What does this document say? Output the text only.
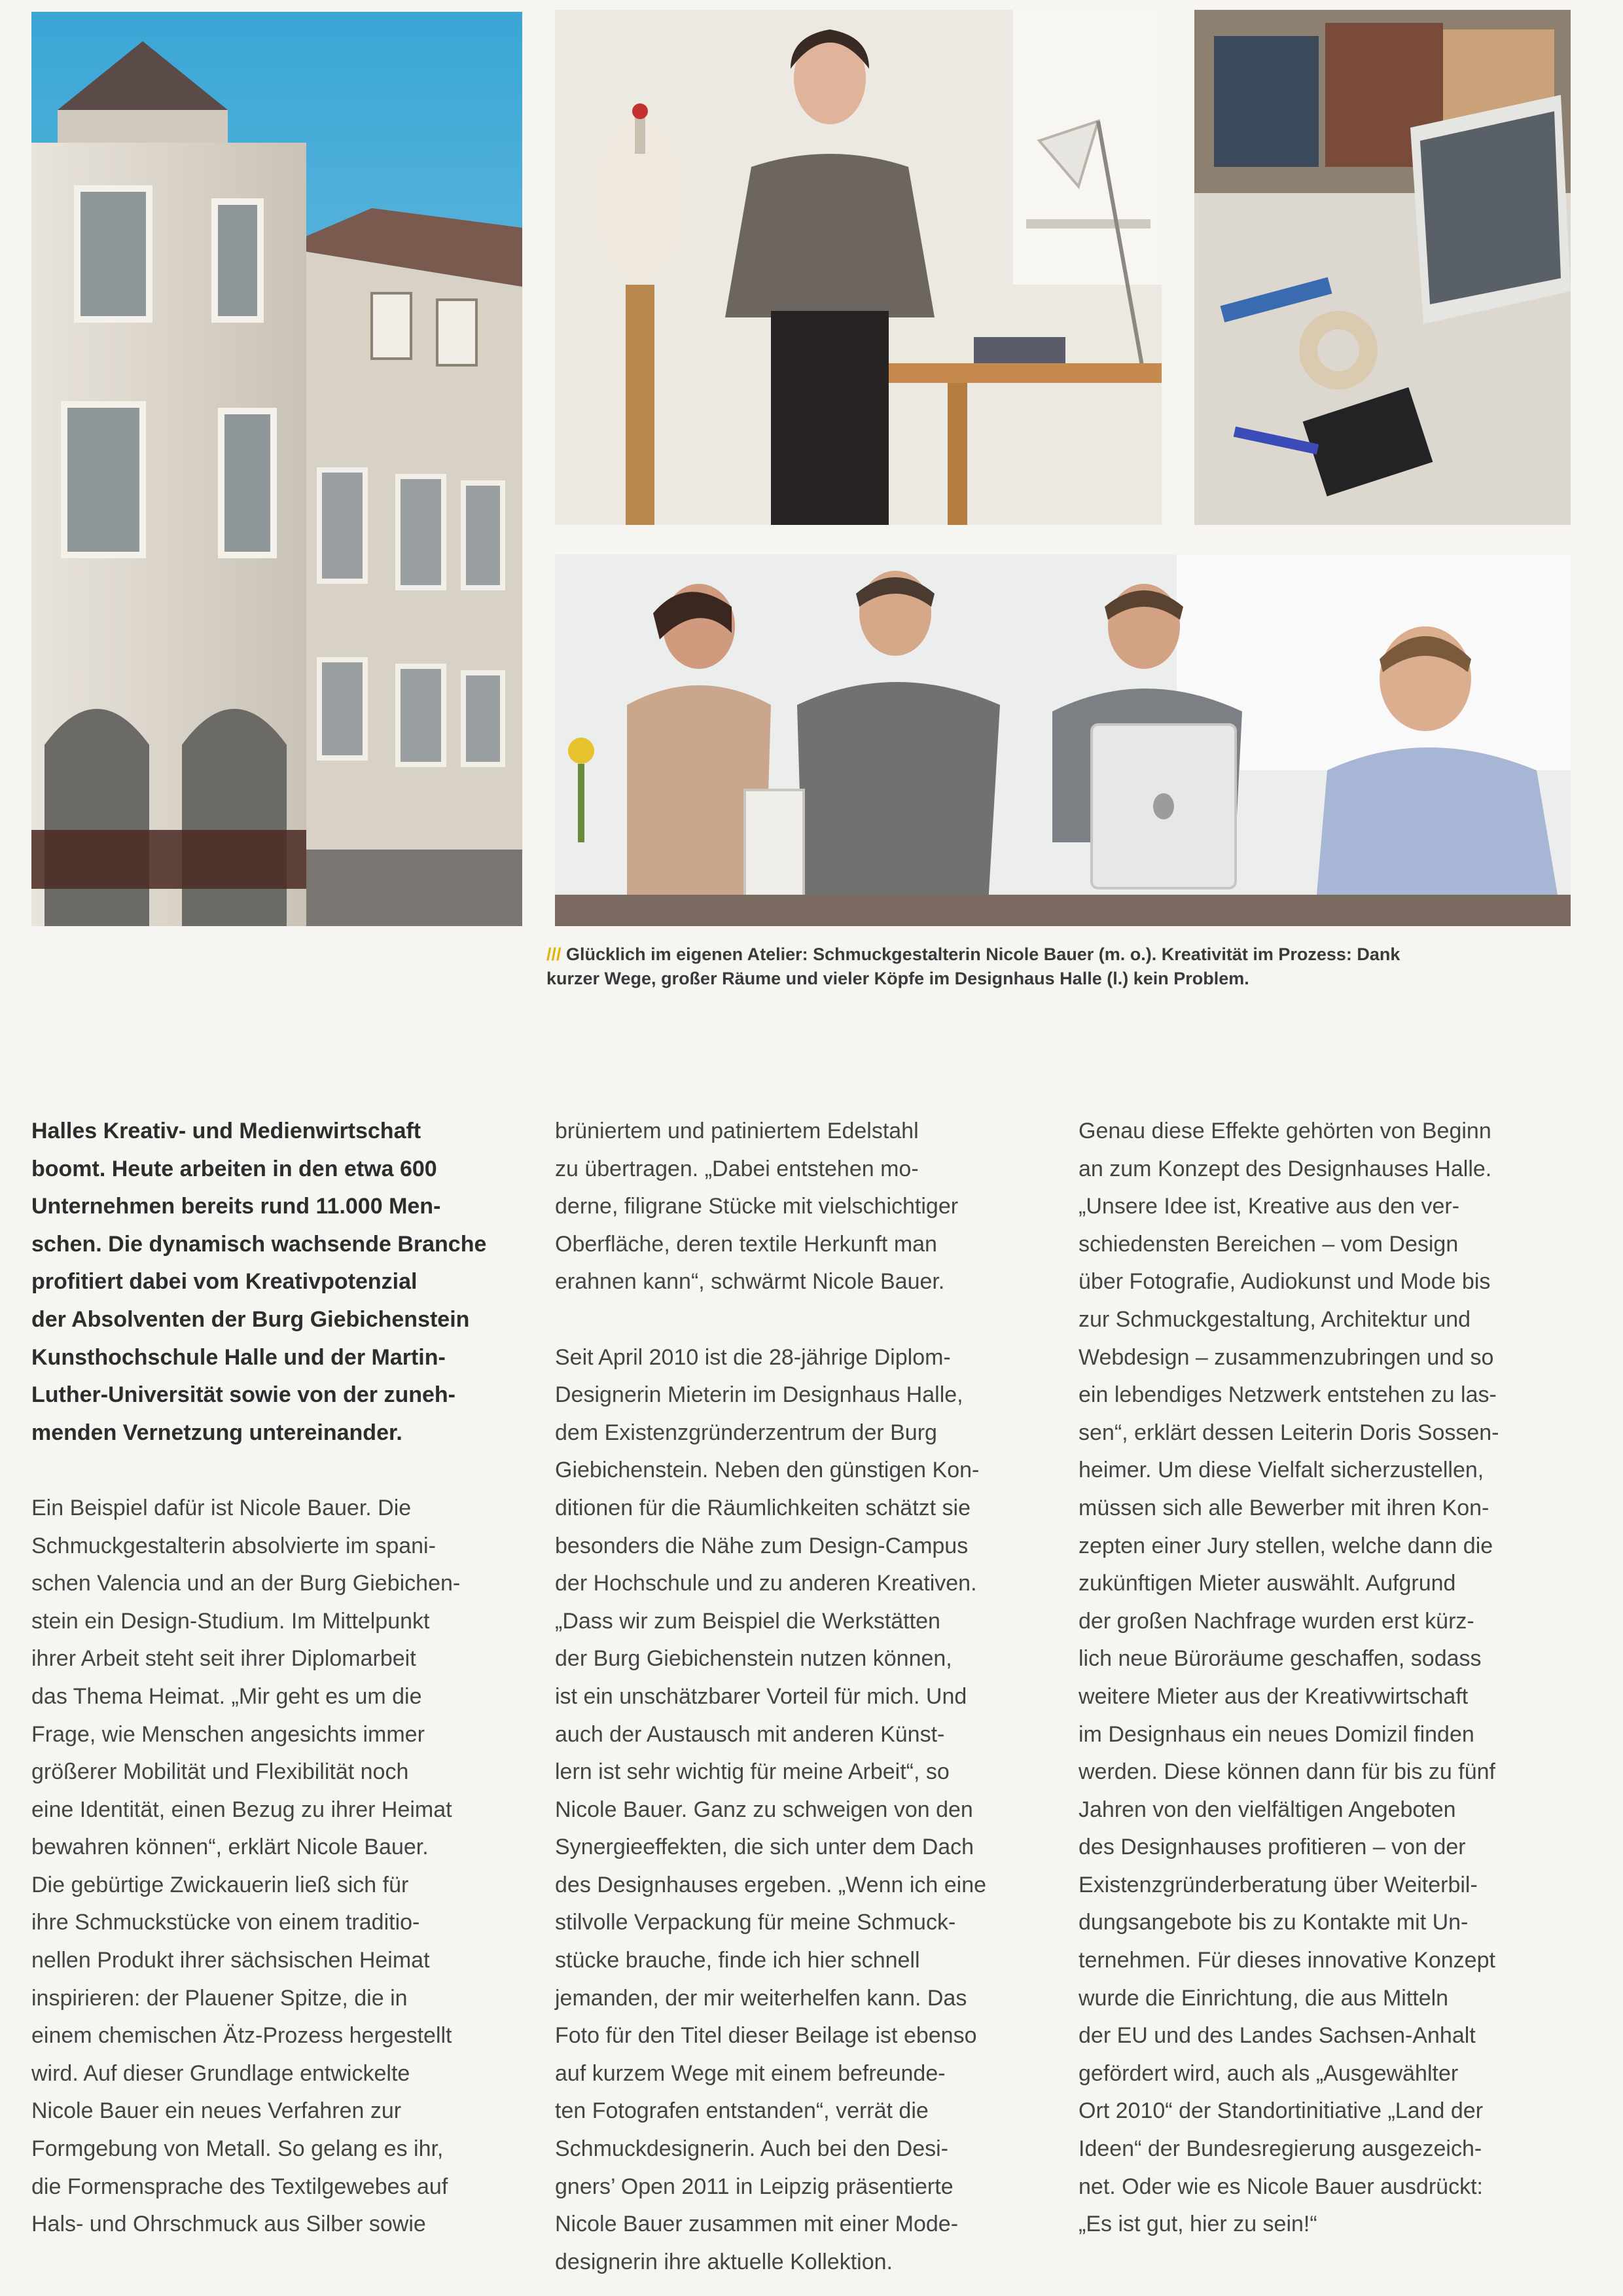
/// Glücklich im eigenen Atelier: Schmuckgestalterin Nicole Bauer (m. o.). Kreativität im Prozess: Dank
kurzer Wege, großer Räume und vieler Köpfe im Designhaus Halle (l.) kein Problem.

Halles Kreativ- und Medienwirtschaft

boomt. Heute arbeiten in den etwa 600

Unternehmen bereits rund 11.000 Men-

schen. Die dynamisch wachsende Branche

profitiert dabei vom Kreativpotenzial

der Absolventen der Burg Giebichenstein

Kunsthochschule Halle und der Martin-

Luther-Universität sowie von der zuneh-

menden Vernetzung untereinander.

Ein Beispiel dafür ist Nicole Bauer. Die

Schmuckgestalterin absolvierte im spani-

schen Valencia und an der Burg Giebichen-

stein ein Design-Studium. Im Mittelpunkt

ihrer Arbeit steht seit ihrer Diplomarbeit

das Thema Heimat. „Mir geht es um die

Frage, wie Menschen angesichts immer

größerer Mobilität und Flexibilität noch

eine Identität, einen Bezug zu ihrer Heimat

bewahren können“, erklärt Nicole Bauer.

Die gebürtige Zwickauerin ließ sich für

ihre Schmuckstücke von einem traditio-

nellen Produkt ihrer sächsischen Heimat

inspirieren: der Plauener Spitze, die in

einem chemischen Ätz-Prozess hergestellt

wird. Auf dieser Grundlage entwickelte

Nicole Bauer ein neues Verfahren zur

Formgebung von Metall. So gelang es ihr,

die Formensprache des Textilgewebes auf

Hals- und Ohrschmuck aus Silber sowie

brüniertem und patiniertem Edelstahl

zu übertragen. „Dabei entstehen mo-

derne, filigrane Stücke mit vielschichtiger

Oberfläche, deren textile Herkunft man

erahnen kann“, schwärmt Nicole Bauer.

Seit April 2010 ist die 28-jährige Diplom-

Designerin Mieterin im Designhaus Halle,

dem Existenzgründerzentrum der Burg

Giebichenstein. Neben den günstigen Kon-

ditionen für die Räumlichkeiten schätzt sie

besonders die Nähe zum Design-Campus

der Hochschule und zu anderen Kreativen.

„Dass wir zum Beispiel die Werkstätten

der Burg Giebichenstein nutzen können,

ist ein unschätzbarer Vorteil für mich. Und

auch der Austausch mit anderen Künst-

lern ist sehr wichtig für meine Arbeit“, so

Nicole Bauer. Ganz zu schweigen von den

Synergieeffekten, die sich unter dem Dach

des Designhauses ergeben. „Wenn ich eine

stilvolle Verpackung für meine Schmuck-

stücke brauche, finde ich hier schnell

jemanden, der mir weiterhelfen kann. Das

Foto für den Titel dieser Beilage ist ebenso

auf kurzem Wege mit einem befreunde-

ten Fotografen entstanden“, verrät die

Schmuckdesignerin. Auch bei den Desi-

gners’ Open 2011 in Leipzig präsentierte

Nicole Bauer zusammen mit einer Mode-

designerin ihre aktuelle Kollektion.

Genau diese Effekte gehörten von Beginn

an zum Konzept des Designhauses Halle.

„Unsere Idee ist, Kreative aus den ver-

schiedensten Bereichen – vom Design

über Fotografie, Audiokunst und Mode bis

zur Schmuckgestaltung, Architektur und

Webdesign – zusammenzubringen und so

ein lebendiges Netzwerk entstehen zu las-

sen“, erklärt dessen Leiterin Doris Sossen-

heimer. Um diese Vielfalt sicherzustellen,

müssen sich alle Bewerber mit ihren Kon-

zepten einer Jury stellen, welche dann die

zukünftigen Mieter auswählt. Aufgrund

der großen Nachfrage wurden erst kürz-

lich neue Büroräume geschaffen, sodass

weitere Mieter aus der Kreativwirtschaft

im Designhaus ein neues Domizil finden

werden. Diese können dann für bis zu fünf

Jahren von den vielfältigen Angeboten

des Designhauses profitieren – von der

Existenzgründerberatung über Weiterbil-

dungsangebote bis zu Kontakte mit Un-

ternehmen. Für dieses innovative Konzept

wurde die Einrichtung, die aus Mitteln

der EU und des Landes Sachsen-Anhalt

gefördert wird, auch als „Ausgewählter

Ort 2010“ der Standortinitiative „Land der

Ideen“ der Bundesregierung ausgezeich-

net. Oder wie es Nicole Bauer ausdrückt:

„Es ist gut, hier zu sein!“
